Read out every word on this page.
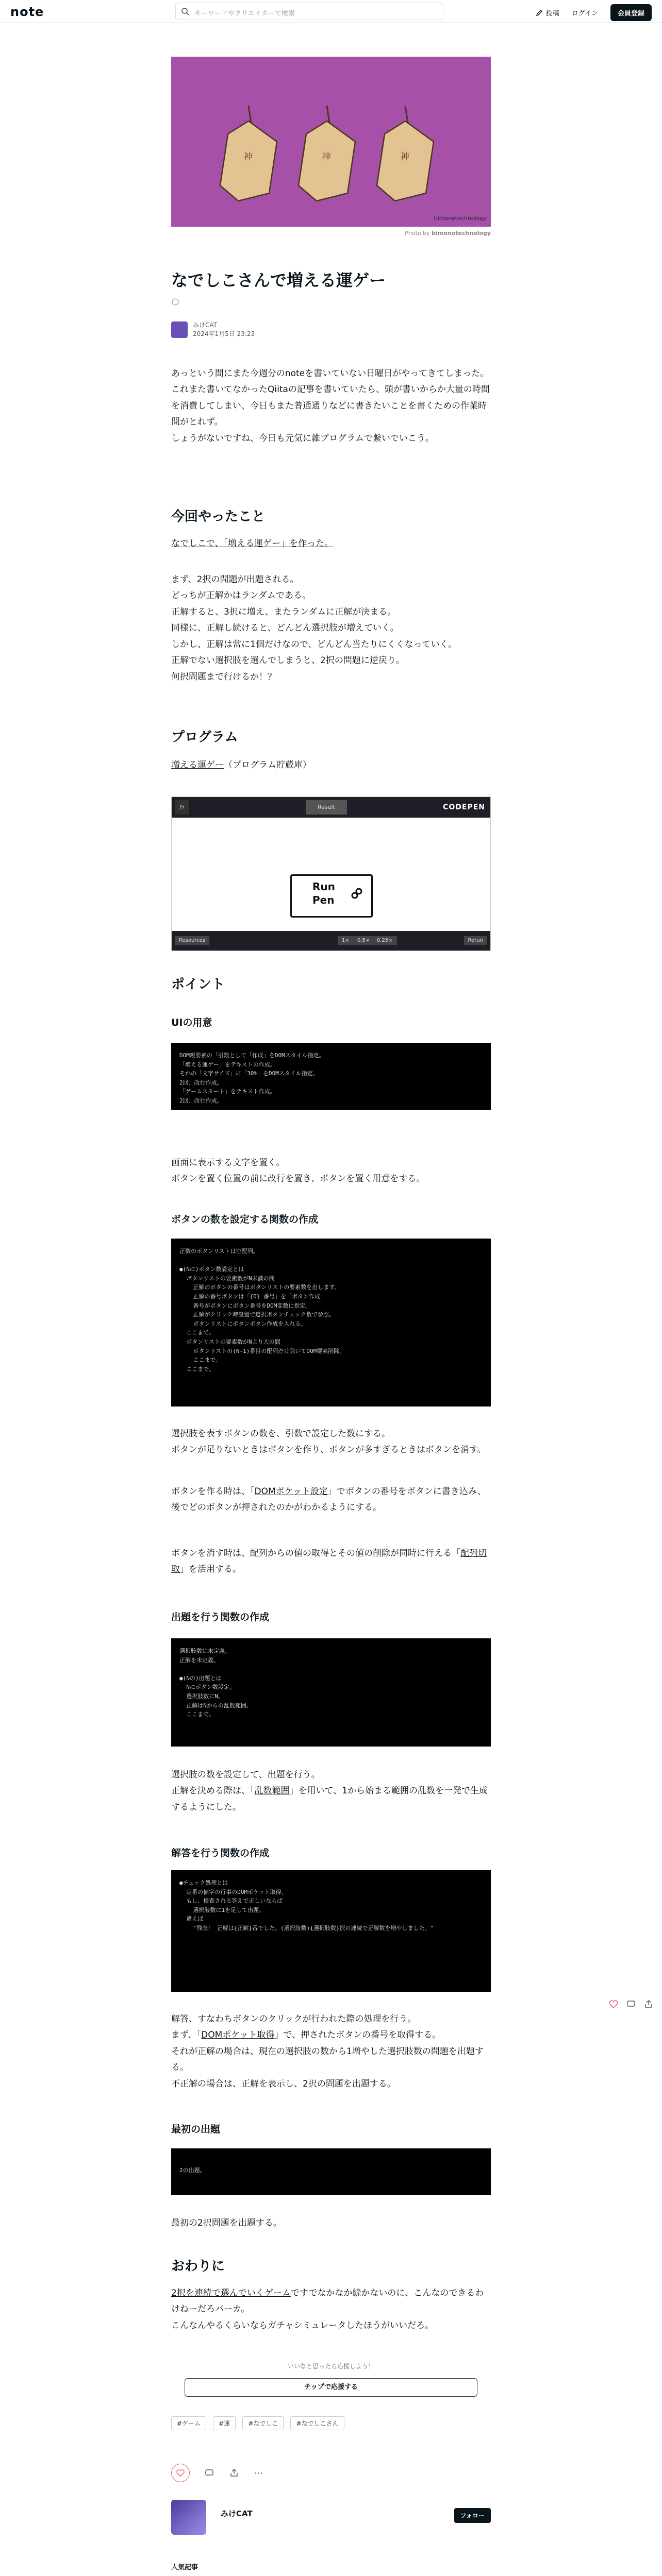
note	キーワードやクリエイターで検索	投稿 ログイン	会員登録
神	神	神
bimonotechnology
Photo by bimonotechnology
なでしこさんで増える運ゲー
みけCAT
2024年1月5日 23:23
あっという間にまた今週分のnoteを書いていない日曜日がやってきてしまった。
これまた書いてなかったQiitaの記事を書いていたら、頭が書いからか大量の時間を消費してしまい、今日もまた普通通りなどに書きたいことを書くための作業時間がとれず。
しょうがないですね、今日も元気に雑プログラムで繋いでいこう。
今回やったこと
なでしこで、「増える運ゲー」を作った。
まず、2択の問題が出題される。
どっちが正解かはランダムである。
正解すると、3択に増え、またランダムに正解が決まる。
同様に、正解し続けると、どんどん選択肢が増えていく。
しかし、正解は常に1個だけなので、どんどん当たりにくくなっていく。
正解でない選択肢を選んでしまうと、2択の問題に逆戻り。
何択問題まで行けるか！？
プログラム
増える運ゲー（プログラム貯蔵庫）
JS	Result	CODEPEN
Run Pen
Resources	1×	0.5×	0.25×	Rerun
ポイント
UIの用意
DOM親要素の「引数として「作成」をDOMスタイル指定。
「増える運ゲー」をテキストの作成。
それの「文字サイズ」に「30%」をDOMスタイル指定。
2回、改行作成。
「ゲームスタート」をテキスト作成。
2回、改行作成。
画面に表示する文字を置く。
ボタンを置く位置の前に改行を置き、ボタンを置く用意をする。
ボタンの数を設定する関数の作成
正数のボタンリストは空配列。

●(Nに)ボタン数設定とは
ボタンリストの要素数がN未満の間
正解のボタンの番号はボタンリストの要素数を出します。
正解の番号ボタンは「{0} 番号」を「ボタン作成」
番号がボタンにボタン番号をDOM変数に指定。
正解がクリック時設置で選択ボタンチェック数で参照。
ボタンリストにボタンボタン作成を入れる。
ここまで。
ボタンリストの要素数がNより大の間
ボタンリストの(N-1)番目の配列だけ除いてDOM要素削除。
ここまで。
ここまで。
選択肢を表すボタンの数を、引数で設定した数にする。
ボタンが足りないときはボタンを作り、ボタンが多すぎるときはボタンを消す。
ボタンを作る時は、「DOMポケット設定」でボタンの番号をボタンに書き込み、後でどのボタンが押されたのかがわかるようにする。
ボタンを消す時は、配列からの値の取得とその値の削除が同時に行える「配列切取」を活用する。
出題を行う関数の作成
選択肢数は未定義。
正解を未定義。

●(Nの)出題とは
Nにボタン数設定。
選択肢数にN。
正解はNからの乱数範囲。
ここまで。
選択肢の数を設定して、出題を行う。
正解を決める際は、「乱数範囲」を用いて、1から始まる範囲の乱数を一発で生成するようにした。
解答を行う関数の作成
●チェック処理とは
定番の値字の行事のDOMポケット取得。
もし、検査される答えで正しいならば
選択肢数に1を足して出題。
違えば
"残念！ 正解は{正解}番でした。(選択肢数){選択肢数}択の連続で正解数を増やしました。"
解答、すなわちボタンのクリックが行われた際の処理を行う。
まず、「DOMポケット取得」で、押されたボタンの番号を取得する。
それが正解の場合は、現在の選択肢の数から1増やした選択肢数の問題を出題する。
不正解の場合は、正解を表示し、2択の問題を出題する。
最初の出題
2の出題。
最初の2択問題を出題する。
おわりに
2択を連続で選んでいくゲームですでなかなか続かないのに、こんなのできるわけねーだろバーカ。
こんなんやるくらいならガチャシミュレータしたほうがいいだろ。
いいなと思ったら応援しよう！
チップで応援する
#ゲーム	#運	#なでしこ	#なでしこさん
⋯
みけCAT	フォロー
人気記事
